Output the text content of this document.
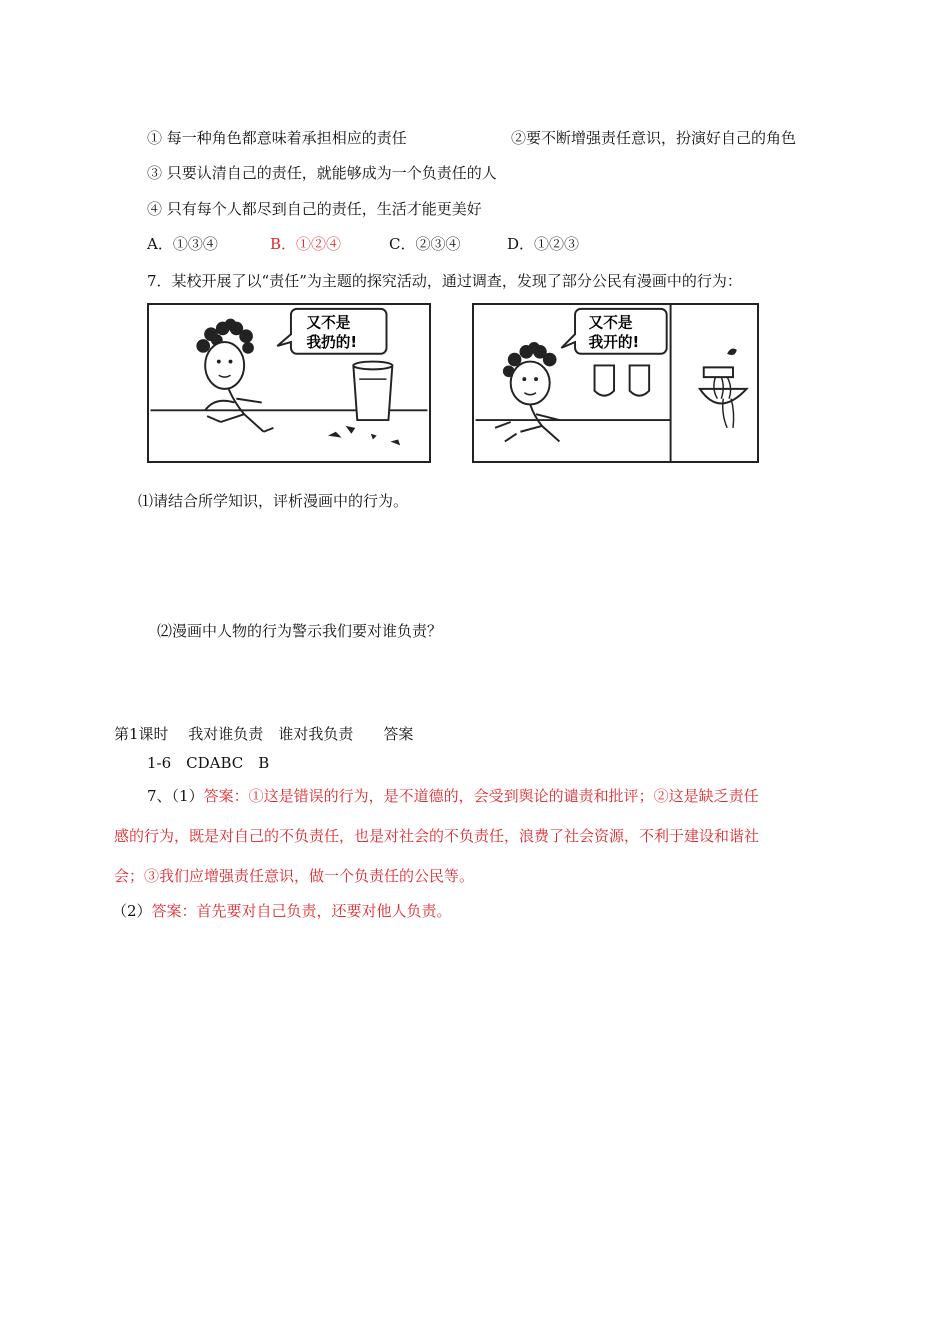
① 每一种角色都意味着承担相应的责任	②要不断增强责任意识，扮演好自己的角色
③ 只要认清自己的责任，就能够成为一个负责任的人
④ 只有每个人都尽到自己的责任，生活才能更美好
A．①③④	B．①②④	C．②③④	D．①②③
7．某校开展了以“责任”为主题的探究活动，通过调查，发现了部分公民有漫画中的行为：
又不是
我扔的!
又不是
我开的!
⑴请结合所学知识，评析漫画中的行为。
⑵漫画中人物的行为警示我们要对谁负责？
第1课时　 我对谁负责　谁对我负责　　答案
1-6　CDABC　B
7、（1）答案：①这是错误的行为，是不道德的，会受到舆论的谴责和批评；②这是缺乏责任
感的行为，既是对自己的不负责任，也是对社会的不负责任，浪费了社会资源，不利于建设和谐社
会；③我们应增强责任意识，做一个负责任的公民等。
（2）答案：首先要对自己负责，还要对他人负责。
